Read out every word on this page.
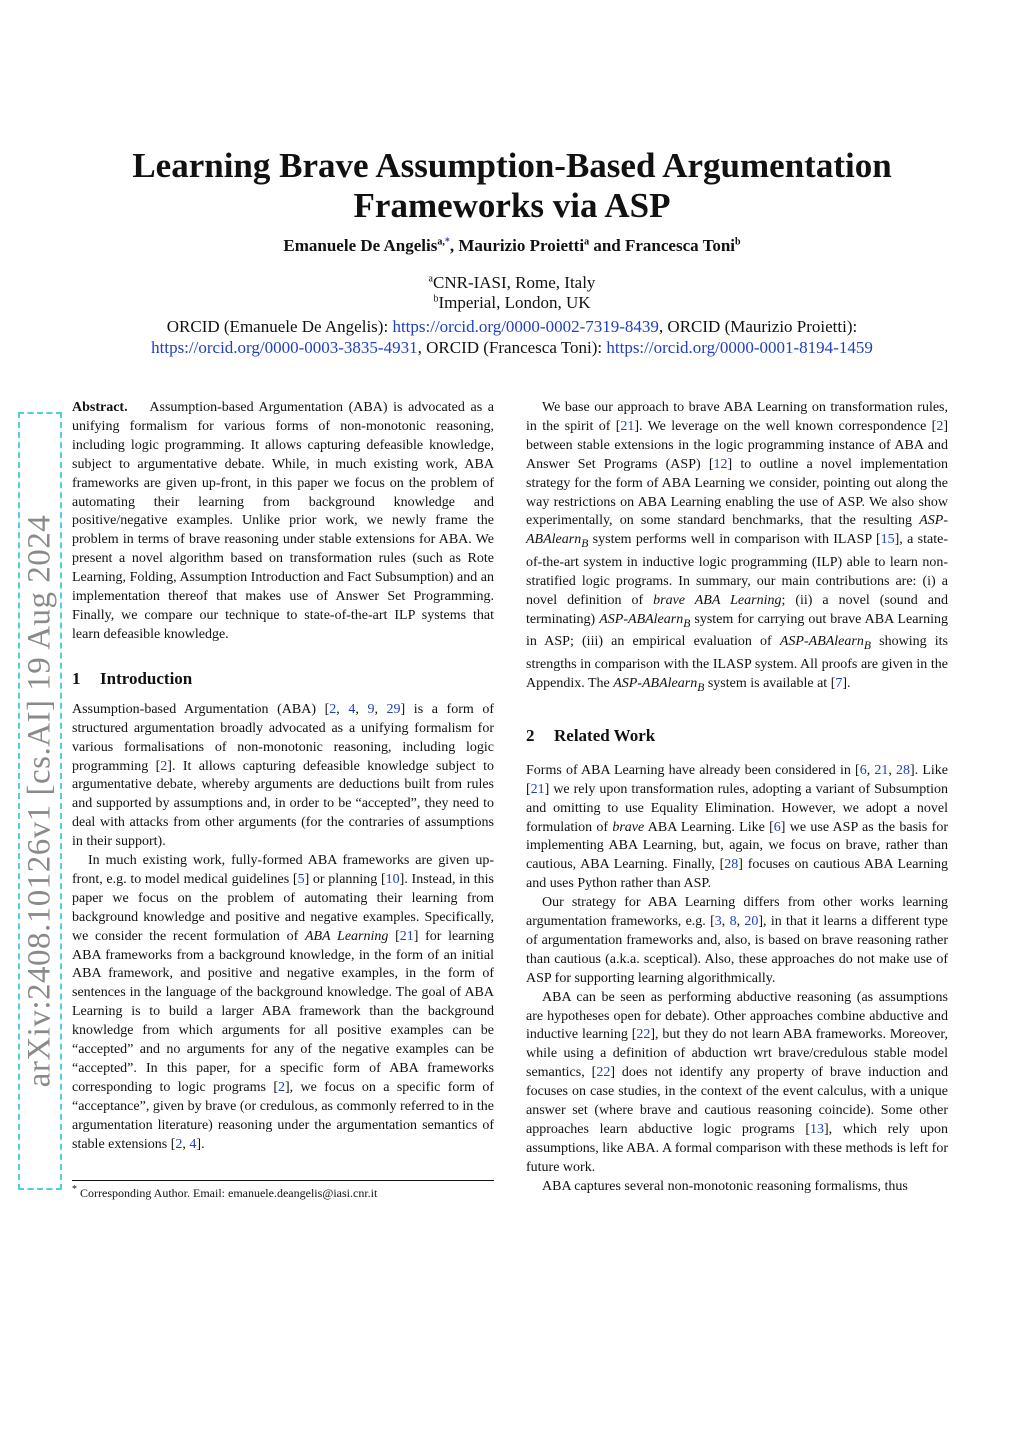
Learning Brave Assumption-Based Argumentation
Frameworks via ASP
Emanuele De Angelis$^{a,*}$, Maurizio Proietti$^a$ and Francesca Toni$^b$
$^a$CNR-IASI, Rome, Italy
$^b$Imperial, London, UK
ORCID (Emanuele De Angelis): https://orcid.org/0000-0002-7319-8439, ORCID (Maurizio Proietti):
https://orcid.org/0000-0003-3835-4931, ORCID (Francesca Toni): https://orcid.org/0000-0001-8194-1459
arXiv:2408.10126v1 [cs.AI] 19 Aug 2024

Abstract. Assumption-based Argumentation (ABA) is advocated as a unifying formalism for various forms of non-monotonic reasoning, including logic programming. It allows capturing defeasible knowledge, subject to argumentative debate. While, in much existing work, ABA frameworks are given up-front, in this paper we focus on the problem of automating their learning from background knowledge and positive/negative examples. Unlike prior work, we newly frame the problem in terms of brave reasoning under stable extensions for ABA. We present a novel algorithm based on transformation rules (such as Rote Learning, Folding, Assumption Introduction and Fact Subsumption) and an implementation thereof that makes use of Answer Set Programming. Finally, we compare our technique to state-of-the-art ILP systems that learn defeasible knowledge.

1 Introduction

Assumption-based Argumentation (ABA) [2, 4, 9, 29] is a form of structured argumentation broadly advocated as a unifying formalism for various formalisations of non-monotonic reasoning, including logic programming [2]. It allows capturing defeasible knowledge subject to argumentative debate, whereby arguments are deductions built from rules and supported by assumptions and, in order to be “accepted”, they need to deal with attacks from other arguments (for the contraries of assumptions in their support).

In much existing work, fully-formed ABA frameworks are given up-front, e.g. to model medical guidelines [5] or planning [10]. Instead, in this paper we focus on the problem of automating their learning from background knowledge and positive and negative examples. Specifically, we consider the recent formulation of ABA Learning [21] for learning ABA frameworks from a background knowledge, in the form of an initial ABA framework, and positive and negative examples, in the form of sentences in the language of the background knowledge. The goal of ABA Learning is to build a larger ABA framework than the background knowledge from which arguments for all positive examples can be “accepted” and no arguments for any of the negative examples can be “accepted”. In this paper, for a specific form of ABA frameworks corresponding to logic programs [2], we focus on a specific form of “acceptance”, given by brave (or credulous, as commonly referred to in the argumentation literature) reasoning under the argumentation semantics of stable extensions [2, 4].

* Corresponding Author. Email: emanuele.deangelis@iasi.cnr.it

We base our approach to brave ABA Learning on transformation rules, in the spirit of [21]. We leverage on the well known correspondence [2] between stable extensions in the logic programming instance of ABA and Answer Set Programs (ASP) [12] to outline a novel implementation strategy for the form of ABA Learning we consider, pointing out along the way restrictions on ABA Learning enabling the use of ASP. We also show experimentally, on some standard benchmarks, that the resulting ASP-ABAlearn$_B$ system performs well in comparison with ILASP [15], a state-of-the-art system in inductive logic programming (ILP) able to learn non-stratified logic programs. In summary, our main contributions are: (i) a novel definition of brave ABA Learning; (ii) a novel (sound and terminating) ASP-ABAlearn$_B$ system for carrying out brave ABA Learning in ASP; (iii) an empirical evaluation of ASP-ABAlearn$_B$ showing its strengths in comparison with the ILASP system. All proofs are given in the Appendix. The ASP-ABAlearn$_B$ system is available at [7].

2 Related Work

Forms of ABA Learning have already been considered in [6, 21, 28]. Like [21] we rely upon transformation rules, adopting a variant of Subsumption and omitting to use Equality Elimination. However, we adopt a novel formulation of brave ABA Learning. Like [6] we use ASP as the basis for implementing ABA Learning, but, again, we focus on brave, rather than cautious, ABA Learning. Finally, [28] focuses on cautious ABA Learning and uses Python rather than ASP.

Our strategy for ABA Learning differs from other works learning argumentation frameworks, e.g. [3, 8, 20], in that it learns a different type of argumentation frameworks and, also, is based on brave reasoning rather than cautious (a.k.a. sceptical). Also, these approaches do not make use of ASP for supporting learning algorithmically.

ABA can be seen as performing abductive reasoning (as assumptions are hypotheses open for debate). Other approaches combine abductive and inductive learning [22], but they do not learn ABA frameworks. Moreover, while using a definition of abduction wrt brave/credulous stable model semantics, [22] does not identify any property of brave induction and focuses on case studies, in the context of the event calculus, with a unique answer set (where brave and cautious reasoning coincide). Some other approaches learn abductive logic programs [13], which rely upon assumptions, like ABA. A formal comparison with these methods is left for future work.

ABA captures several non-monotonic reasoning formalisms, thus
